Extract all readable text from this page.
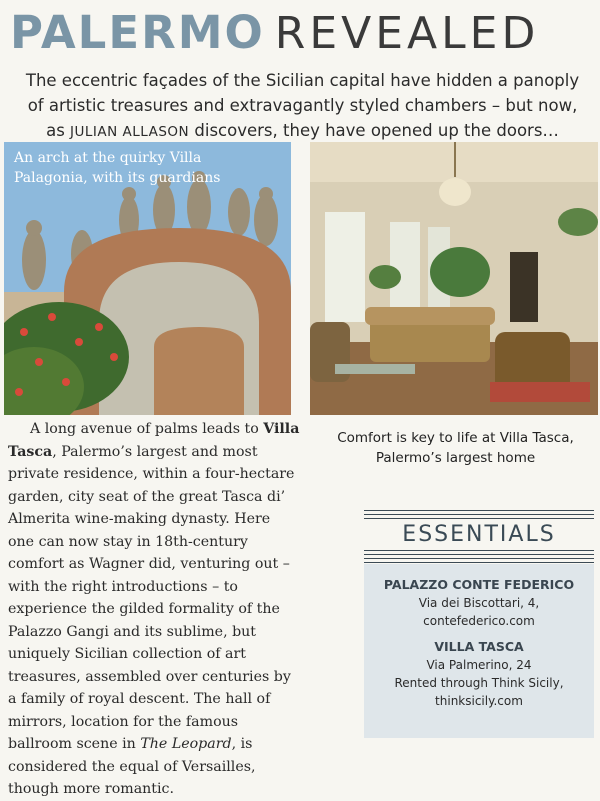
PALERMO REVEALED
The eccentric façades of the Sicilian capital have hidden a panoply of artistic treasures and extravagantly styled chambers – but now, as JULIAN ALLASON discovers, they have opened up the doors…
An arch at the quirky Villa Palagonia, with its guardians
Comfort is key to life at Villa Tasca, Palermo’s largest home

A long avenue of palms leads to Villa Tasca, Palermo’s largest and most private residence, within a four-hectare garden, city seat of the great Tasca di’ Almerita wine-making dynasty. Here one can now stay in 18th-century comfort as Wagner did, venturing out – with the right introductions – to experience the gilded formality of the Palazzo Gangi and its sublime, but uniquely Sicilian collection of art treasures, assembled over centuries by a family of royal descent. The hall of mirrors, location for the famous ballroom scene in The Leopard, is considered the equal of Versailles, though more romantic.

ESSENTIALS
PALAZZO CONTE FEDERICO
Via dei Biscottari, 4,
contefederico.com
VILLA TASCA
Via Palmerino, 24
Rented through Think Sicily,
thinksicily.com
